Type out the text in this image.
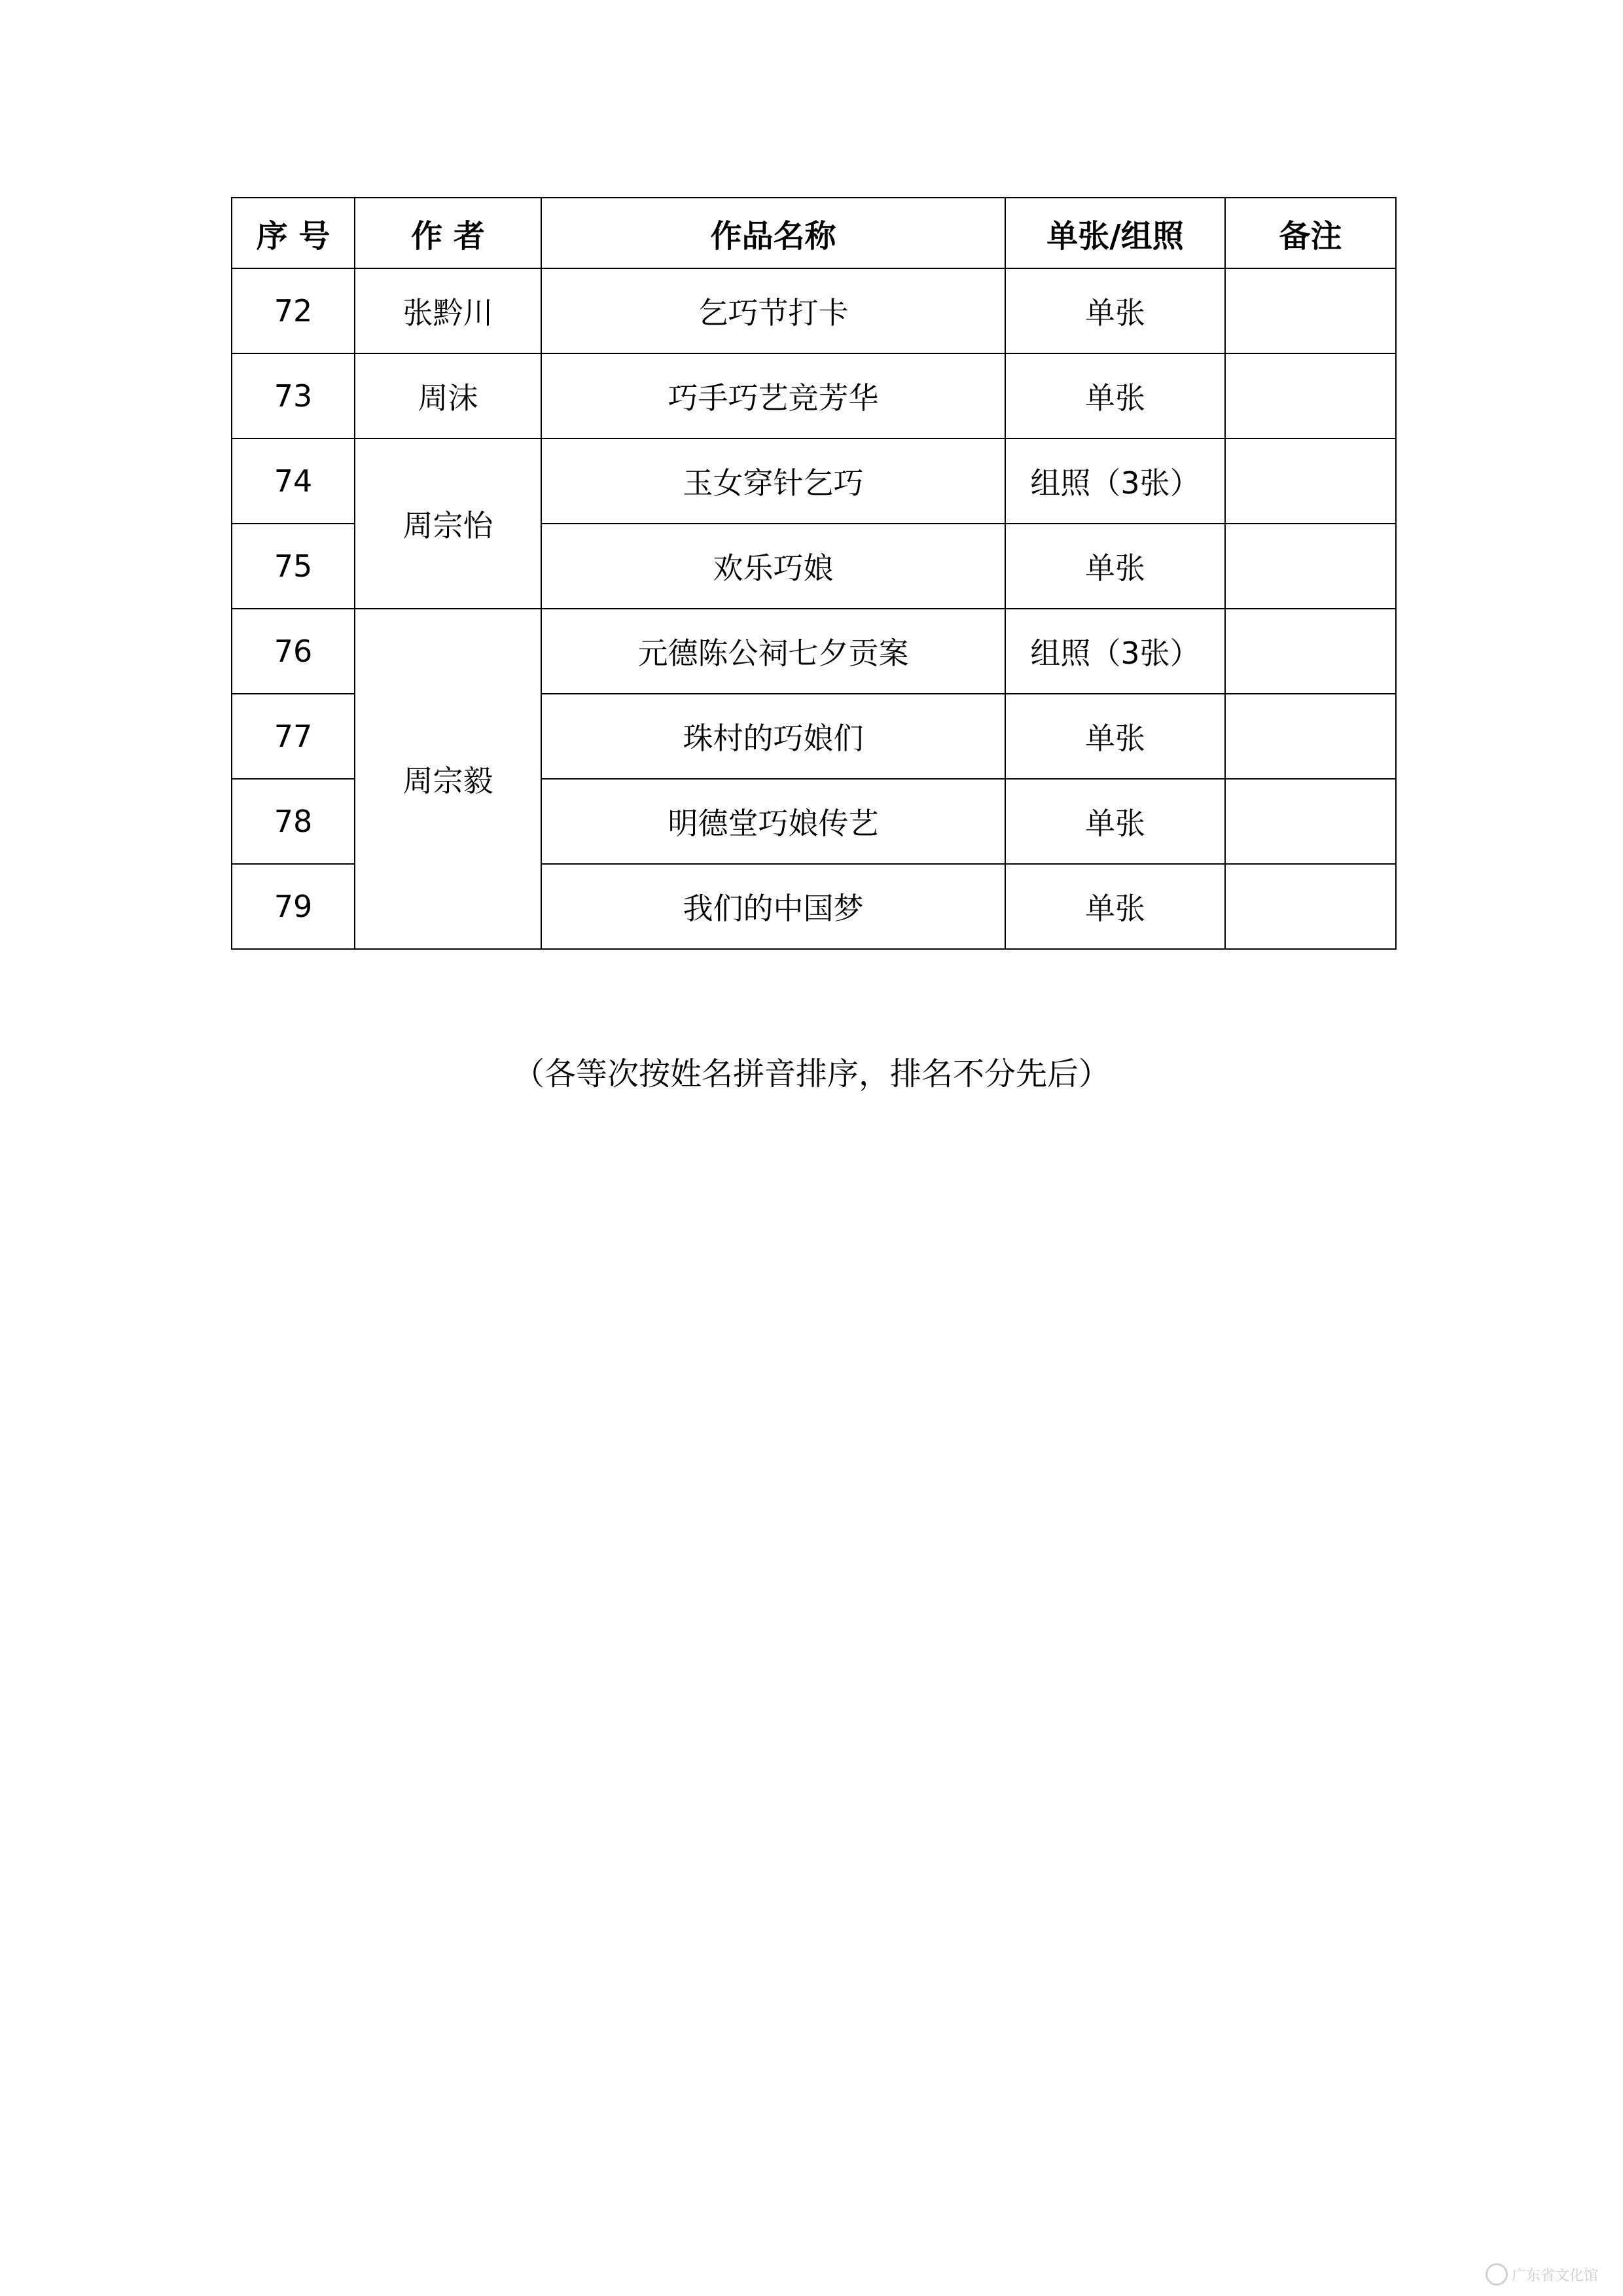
序 号	作 者	作品名称	单张/组照	备注
72	张黔川	乞巧节打卡	单张	
73	周沫	巧手巧艺竞芳华	单张	
74	周宗怡	玉女穿针乞巧	组照（3张）	
75		欢乐巧娘	单张	
76	周宗毅	元德陈公祠七夕贡案	组照（3张）	
77		珠村的巧娘们	单张	
78		明德堂巧娘传艺	单张	
79		我们的中国梦	单张	
（各等次按姓名拼音排序，排名不分先后）
广东省文化馆
